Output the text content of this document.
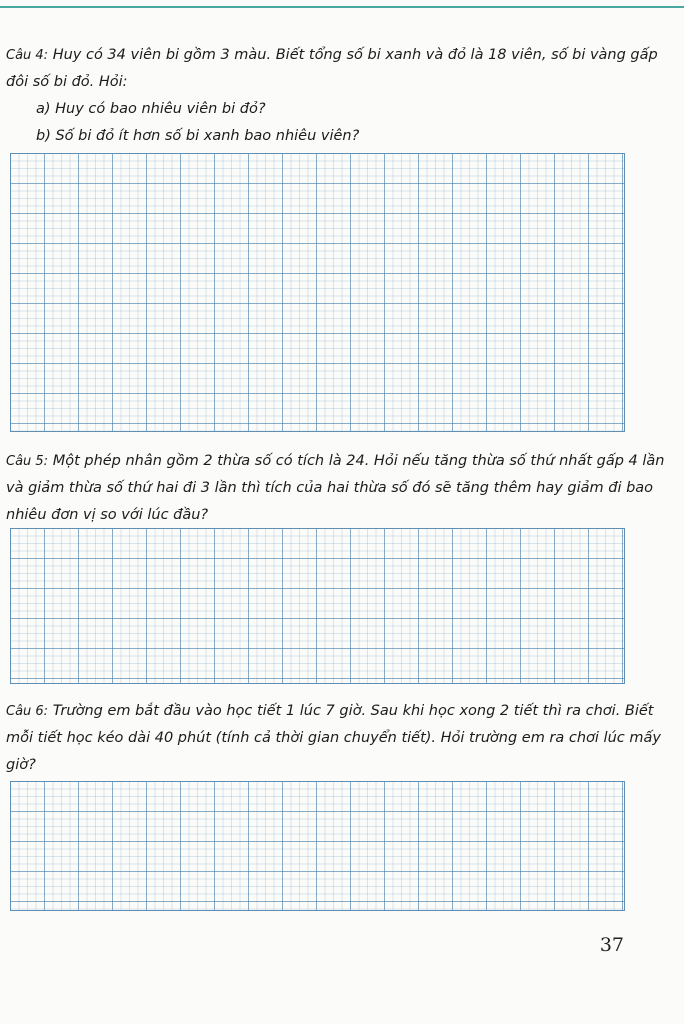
Câu 4: Huy có 34 viên bi gồm 3 màu. Biết tổng số bi xanh và đỏ là 18 viên, số bi vàng gấp đôi số bi đỏ. Hỏi:
a) Huy có bao nhiêu viên bi đỏ?
b) Số bi đỏ ít hơn số bi xanh bao nhiêu viên?
Câu 5: Một phép nhân gồm 2 thừa số có tích là 24. Hỏi nếu tăng thừa số thứ nhất gấp 4 lần và giảm thừa số thứ hai đi 3 lần thì tích của hai thừa số đó sẽ tăng thêm hay giảm đi bao nhiêu đơn vị so với lúc đầu?
Câu 6: Trường em bắt đầu vào học tiết 1 lúc 7 giờ. Sau khi học xong 2 tiết thì ra chơi. Biết mỗi tiết học kéo dài 40 phút (tính cả thời gian chuyển tiết). Hỏi trường em ra chơi lúc mấy giờ?
37
